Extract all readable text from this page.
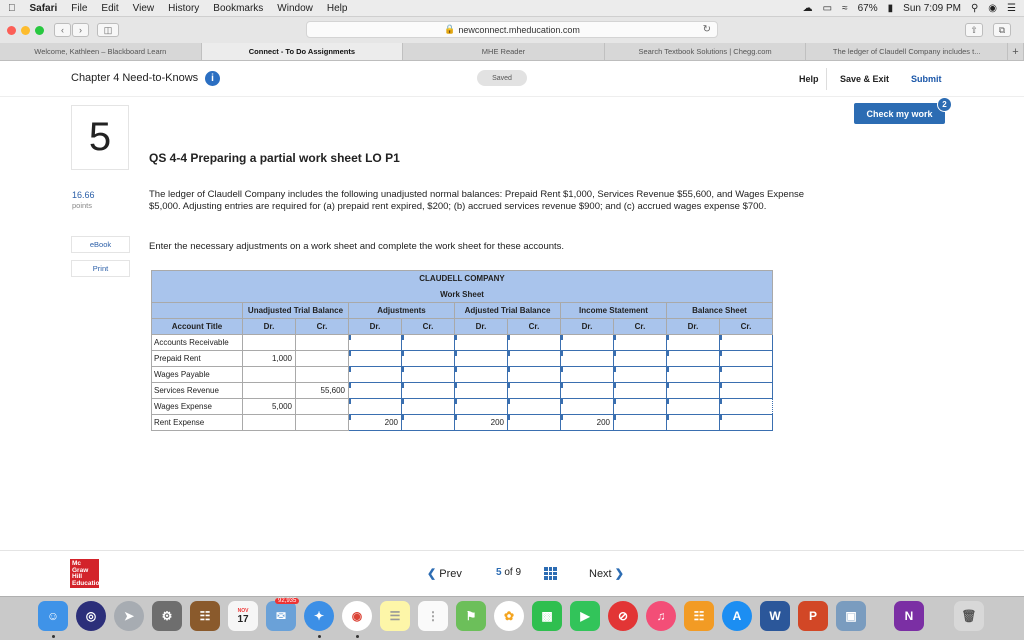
Safari File Edit View History Bookmarks Window Help	☁ ▭ ≈ 67% ▮ Sun 7:09 PM ⚲ ◉ ☰
‹	›	◫	🔒 newconnect.mheducation.com	↻	⇧	⧉
Welcome, Kathleen – Blackboard Learn	Connect - To Do Assignments	MHE Reader	Search Textbook Solutions | Chegg.com	The ledger of Claudell Company includes t...	+
Chapter 4 Need-to-Knows	i	Saved	Help Save & Exit Submit
Check my work
2
5
16.66
points
eBook
Print
QS 4-4 Preparing a partial work sheet LO P1
The ledger of Claudell Company includes the following unadjusted normal balances: Prepaid Rent $1,000, Services Revenue $55,600, and Wages Expense $5,000. Adjusting entries are required for (a) prepaid rent expired, $200; (b) accrued services revenue $900; and (c) accrued wages expense $700.
Enter the necessary adjustments on a work sheet and complete the work sheet for these accounts.
CLAUDELL COMPANY										
Work Sheet										
	Unadjusted Trial Balance		Adjustments		Adjusted Trial Balance		Income Statement		Balance Sheet	
Account Title	Dr.	Cr.	Dr.	Cr.	Dr.	Cr.	Dr.	Cr.	Dr.	Cr.
Accounts Receivable										
Prepaid Rent	1,000									
Wages Payable										
Services Revenue		55,600								
Wages Expense	5,000									
Rent Expense			200		200		200			
Mc Graw Hill Education
❮ Prev	5 of 9	Next ❯
☺	◎	➤	⚙	☷	NOV
17	✉
92,935
✦	◉	☰	⋮	⚑	✿	▩	▶	⊘	♫	☷	A	W	P	▣	N	🗑
